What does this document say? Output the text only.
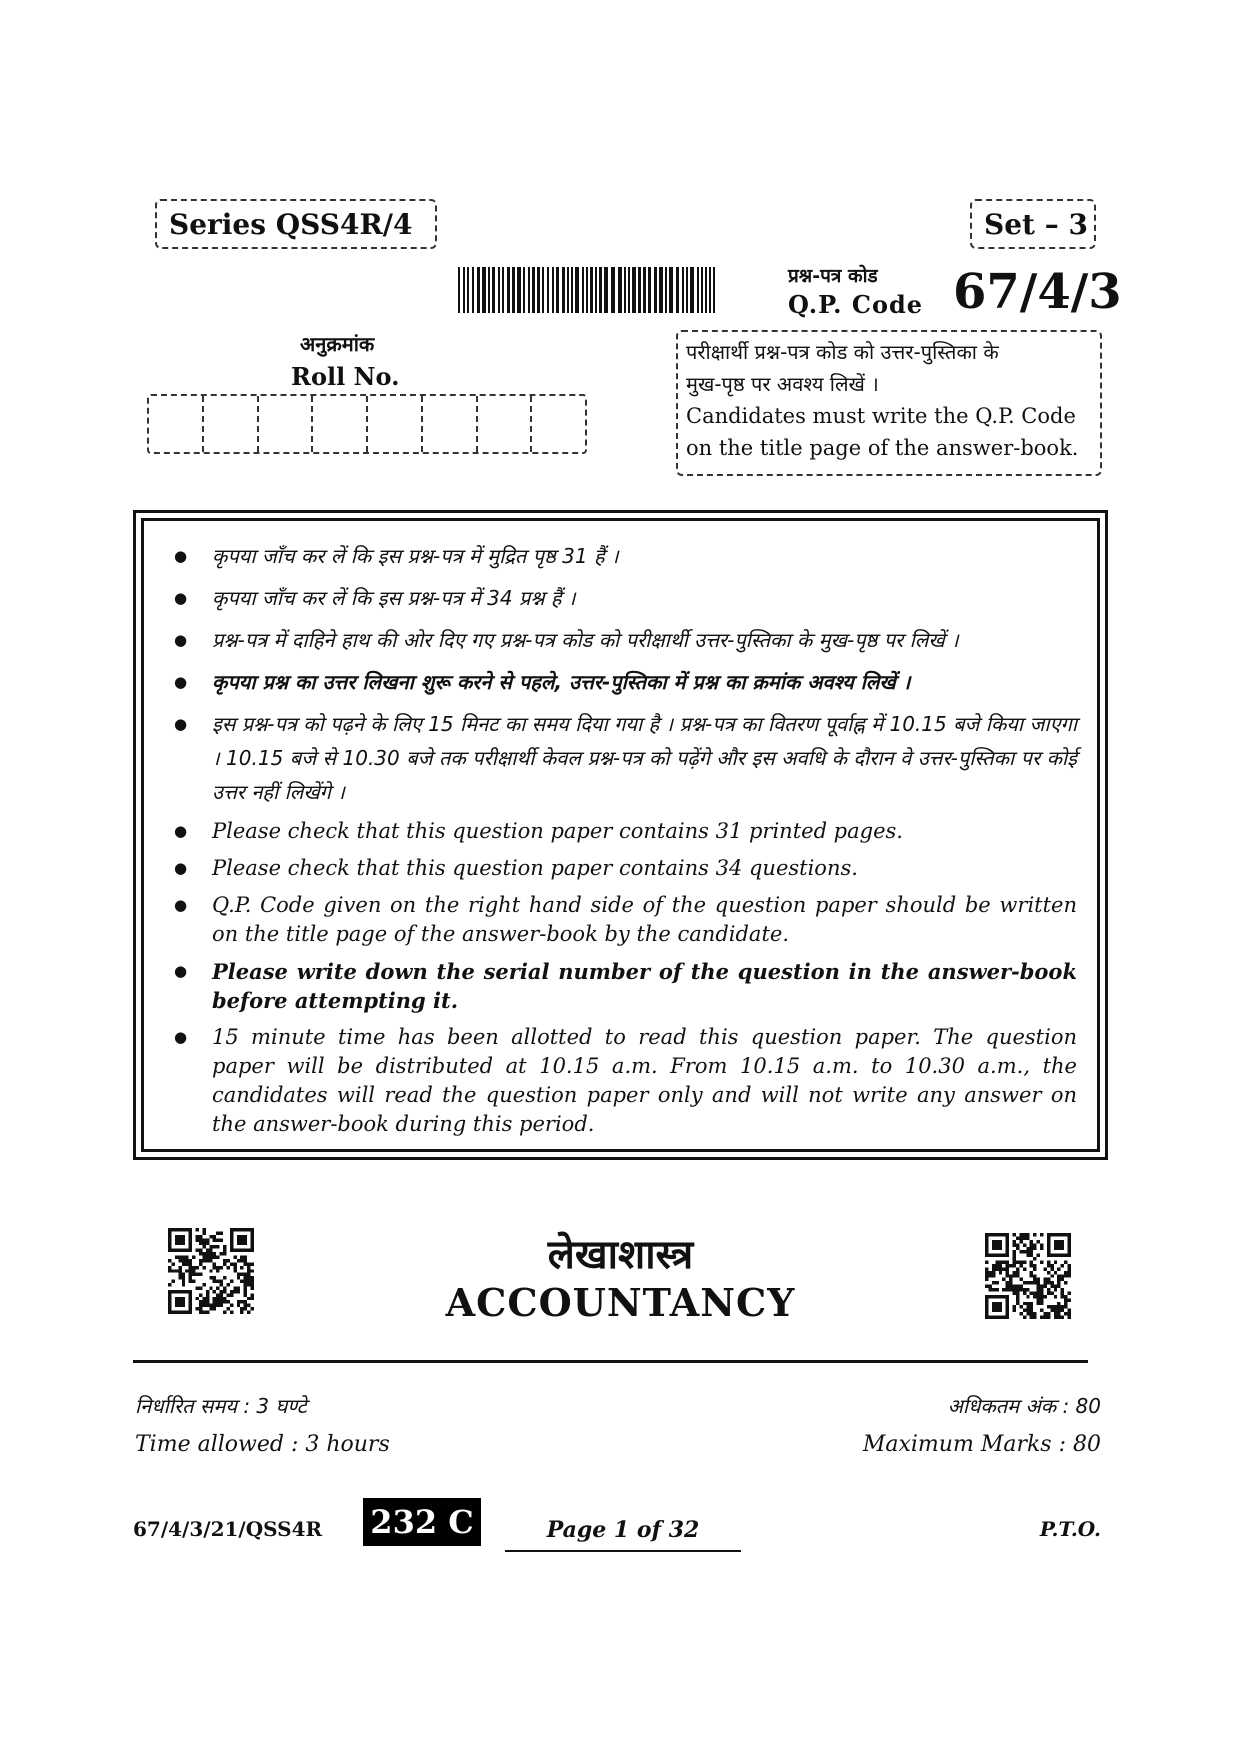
Series QSS4R/4	Set – 3
प्रश्न-पत्र कोड
Q.P. Code 67/4/3
अनुक्रमांक
Roll No.
परीक्षार्थी प्रश्न-पत्र कोड को उत्तर-पुस्तिका के
मुख-पृष्ठ पर अवश्य लिखें ।
Candidates must write the Q.P. Code
on the title page of the answer-book.
● कृपया जाँच कर लें कि इस प्रश्न-पत्र में मुद्रित पृष्ठ 31 हैं ।
● कृपया जाँच कर लें कि इस प्रश्न-पत्र में 34 प्रश्न हैं ।
● प्रश्न-पत्र में दाहिने हाथ की ओर दिए गए प्रश्न-पत्र कोड को परीक्षार्थी उत्तर-पुस्तिका के मुख-पृष्ठ पर लिखें ।
● कृपया प्रश्न का उत्तर लिखना शुरू करने से पहले, उत्तर-पुस्तिका में प्रश्न का क्रमांक अवश्य लिखें ।
● इस प्रश्न-पत्र को पढ़ने के लिए 15 मिनट का समय दिया गया है । प्रश्न-पत्र का वितरण पूर्वाह्न में 10.15 बजे किया जाएगा । 10.15 बजे से 10.30 बजे तक परीक्षार्थी केवल प्रश्न-पत्र को पढ़ेंगे और इस अवधि के दौरान वे उत्तर-पुस्तिका पर कोई उत्तर नहीं लिखेंगे ।
● Please check that this question paper contains 31 printed pages.
● Please check that this question paper contains 34 questions.
● Q.P. Code given on the right hand side of the question paper should be written on the title page of the answer-book by the candidate.
● Please write down the serial number of the question in the answer-book before attempting it.
● 15 minute time has been allotted to read this question paper. The question paper will be distributed at 10.15 a.m. From 10.15 a.m. to 10.30 a.m., the candidates will read the question paper only and will not write any answer on the answer-book during this period.
लेखाशास्त्र
ACCOUNTANCY
निर्धारित समय : 3 घण्टे
Time allowed : 3 hours
अधिकतम अंक : 80
Maximum Marks : 80
67/4/3/21/QSS4R 232 C	Page 1 of 32	P.T.O.
